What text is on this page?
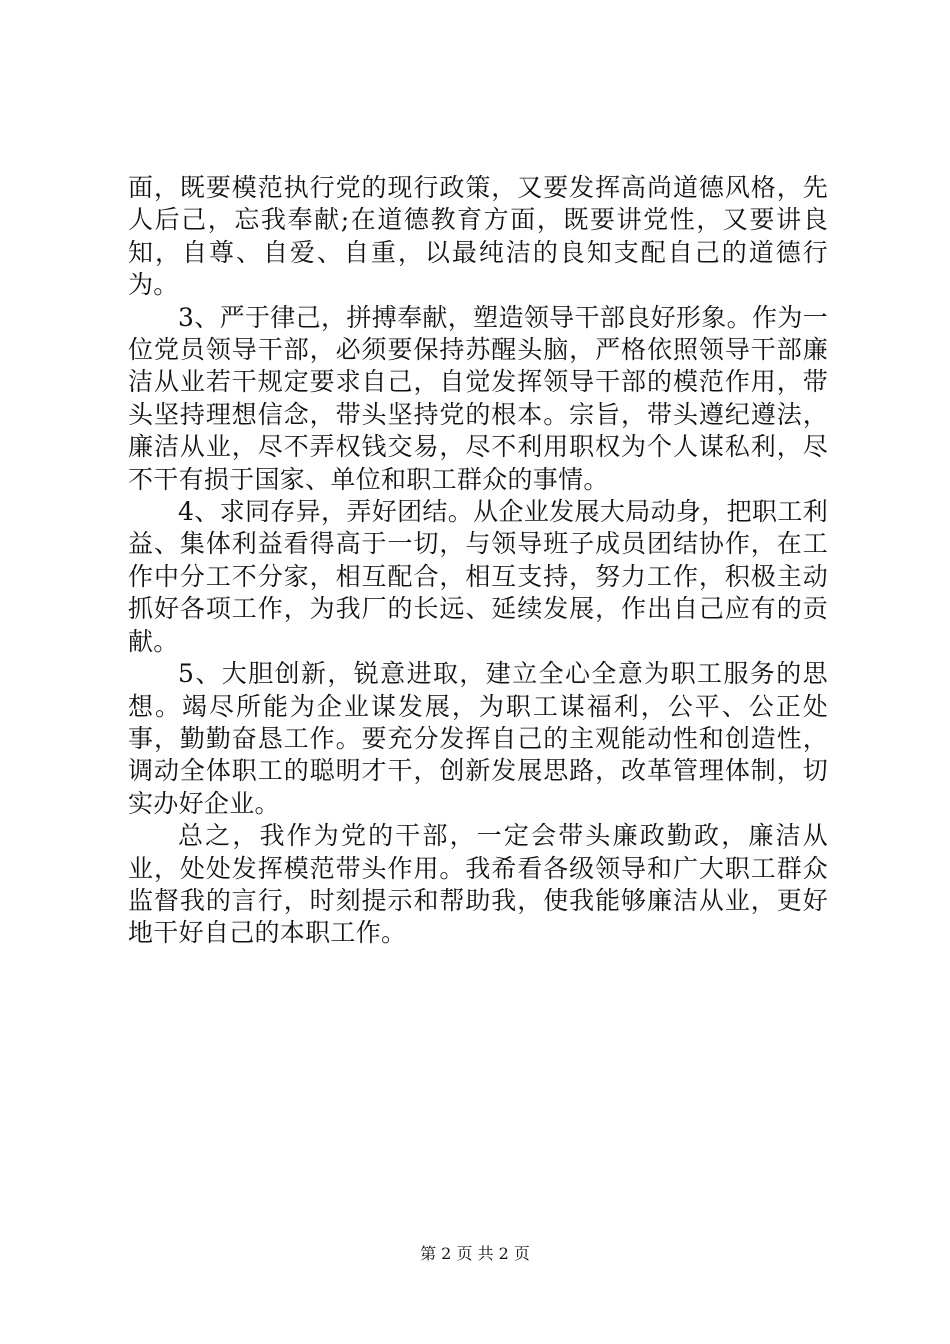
面，既要模范执行党的现行政策，又要发挥高尚道德风格，先人后己，忘我奉献;在道德教育方面，既要讲党性，又要讲良知，自尊、自爱、自重，以最纯洁的良知支配自己的道德行为。

3、严于律己，拼搏奉献，塑造领导干部良好形象。作为一位党员领导干部，必须要保持苏醒头脑，严格依照领导干部廉洁从业若干规定要求自己，自觉发挥领导干部的模范作用，带头坚持理想信念，带头坚持党的根本。宗旨，带头遵纪遵法，廉洁从业，尽不弄权钱交易，尽不利用职权为个人谋私利，尽不干有损于国家、单位和职工群众的事情。

4、求同存异，弄好团结。从企业发展大局动身，把职工利益、集体利益看得高于一切，与领导班子成员团结协作，在工作中分工不分家，相互配合，相互支持，努力工作，积极主动抓好各项工作，为我厂的长远、延续发展，作出自己应有的贡献。

5、大胆创新，锐意进取，建立全心全意为职工服务的思想。竭尽所能为企业谋发展，为职工谋福利，公平、公正处事，勤勤奋恳工作。要充分发挥自己的主观能动性和创造性，调动全体职工的聪明才干，创新发展思路，改革管理体制，切实办好企业。

总之，我作为党的干部，一定会带头廉政勤政，廉洁从业，处处发挥模范带头作用。我希看各级领导和广大职工群众监督我的言行，时刻提示和帮助我，使我能够廉洁从业，更好地干好自己的本职工作。

第 2 页 共 2 页
